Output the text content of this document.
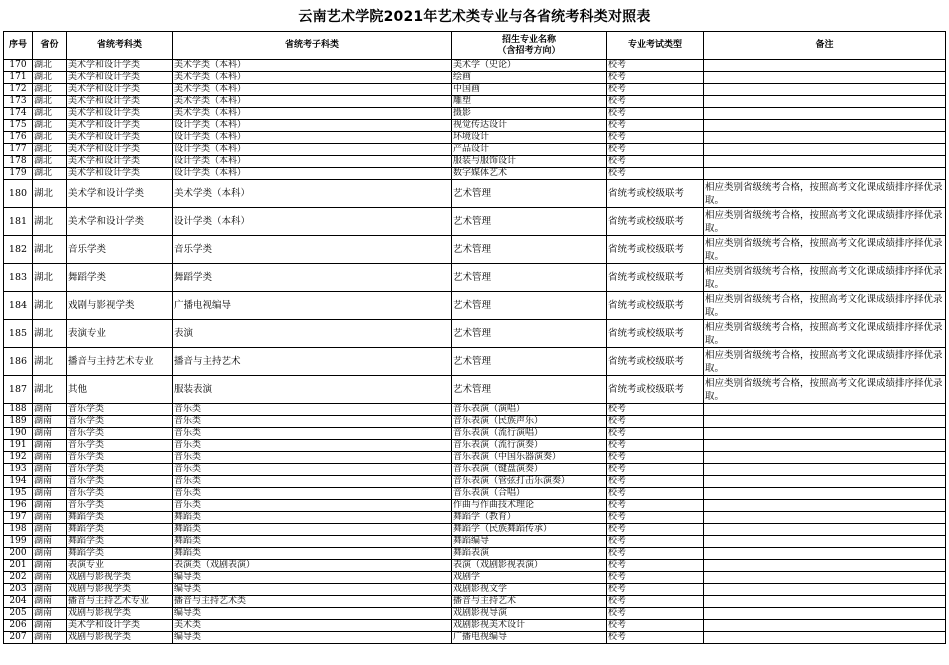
云南艺术学院2021年艺术类专业与各省统考科类对照表
序号	省份	省统考科类	省统考子科类	招生专业名称
（含招考方向）	专业考试类型	备注
170	湖北	美术学和设计学类	美术学类（本科）	美术学（史论）	校考	
171	湖北	美术学和设计学类	美术学类（本科）	绘画	校考	
172	湖北	美术学和设计学类	美术学类（本科）	中国画	校考	
173	湖北	美术学和设计学类	美术学类（本科）	雕塑	校考	
174	湖北	美术学和设计学类	美术学类（本科）	摄影	校考	
175	湖北	美术学和设计学类	设计学类（本科）	视觉传达设计	校考	
176	湖北	美术学和设计学类	设计学类（本科）	环境设计	校考	
177	湖北	美术学和设计学类	设计学类（本科）	产品设计	校考	
178	湖北	美术学和设计学类	设计学类（本科）	服装与服饰设计	校考	
179	湖北	美术学和设计学类	设计学类（本科）	数字媒体艺术	校考	
180	湖北	美术学和设计学类	美术学类（本科）	艺术管理	省统考或校级联考	相应类别省级统考合格，按照高考文化课成绩排序择优录取。
181	湖北	美术学和设计学类	设计学类（本科）	艺术管理	省统考或校级联考	相应类别省级统考合格，按照高考文化课成绩排序择优录取。
182	湖北	音乐学类	音乐学类	艺术管理	省统考或校级联考	相应类别省级统考合格，按照高考文化课成绩排序择优录取。
183	湖北	舞蹈学类	舞蹈学类	艺术管理	省统考或校级联考	相应类别省级统考合格，按照高考文化课成绩排序择优录取。
184	湖北	戏剧与影视学类	广播电视编导	艺术管理	省统考或校级联考	相应类别省级统考合格，按照高考文化课成绩排序择优录取。
185	湖北	表演专业	表演	艺术管理	省统考或校级联考	相应类别省级统考合格，按照高考文化课成绩排序择优录取。
186	湖北	播音与主持艺术专业	播音与主持艺术	艺术管理	省统考或校级联考	相应类别省级统考合格，按照高考文化课成绩排序择优录取。
187	湖北	其他	服装表演	艺术管理	省统考或校级联考	相应类别省级统考合格，按照高考文化课成绩排序择优录取。
188	湖南	音乐学类	音乐类	音乐表演（演唱）	校考	
189	湖南	音乐学类	音乐类	音乐表演（民族声乐）	校考	
190	湖南	音乐学类	音乐类	音乐表演（流行演唱）	校考	
191	湖南	音乐学类	音乐类	音乐表演（流行演奏）	校考	
192	湖南	音乐学类	音乐类	音乐表演（中国乐器演奏）	校考	
193	湖南	音乐学类	音乐类	音乐表演（键盘演奏）	校考	
194	湖南	音乐学类	音乐类	音乐表演（管弦打击乐演奏）	校考	
195	湖南	音乐学类	音乐类	音乐表演（合唱）	校考	
196	湖南	音乐学类	音乐类	作曲与作曲技术理论	校考	
197	湖南	舞蹈学类	舞蹈类	舞蹈学（教育）	校考	
198	湖南	舞蹈学类	舞蹈类	舞蹈学（民族舞蹈传承）	校考	
199	湖南	舞蹈学类	舞蹈类	舞蹈编导	校考	
200	湖南	舞蹈学类	舞蹈类	舞蹈表演	校考	
201	湖南	表演专业	表演类（戏剧表演）	表演（戏剧影视表演）	校考	
202	湖南	戏剧与影视学类	编导类	戏剧学	校考	
203	湖南	戏剧与影视学类	编导类	戏剧影视文学	校考	
204	湖南	播音与主持艺术专业	播音与主持艺术类	播音与主持艺术	校考	
205	湖南	戏剧与影视学类	编导类	戏剧影视导演	校考	
206	湖南	美术学和设计学类	美术类	戏剧影视美术设计	校考	
207	湖南	戏剧与影视学类	编导类	广播电视编导	校考	
